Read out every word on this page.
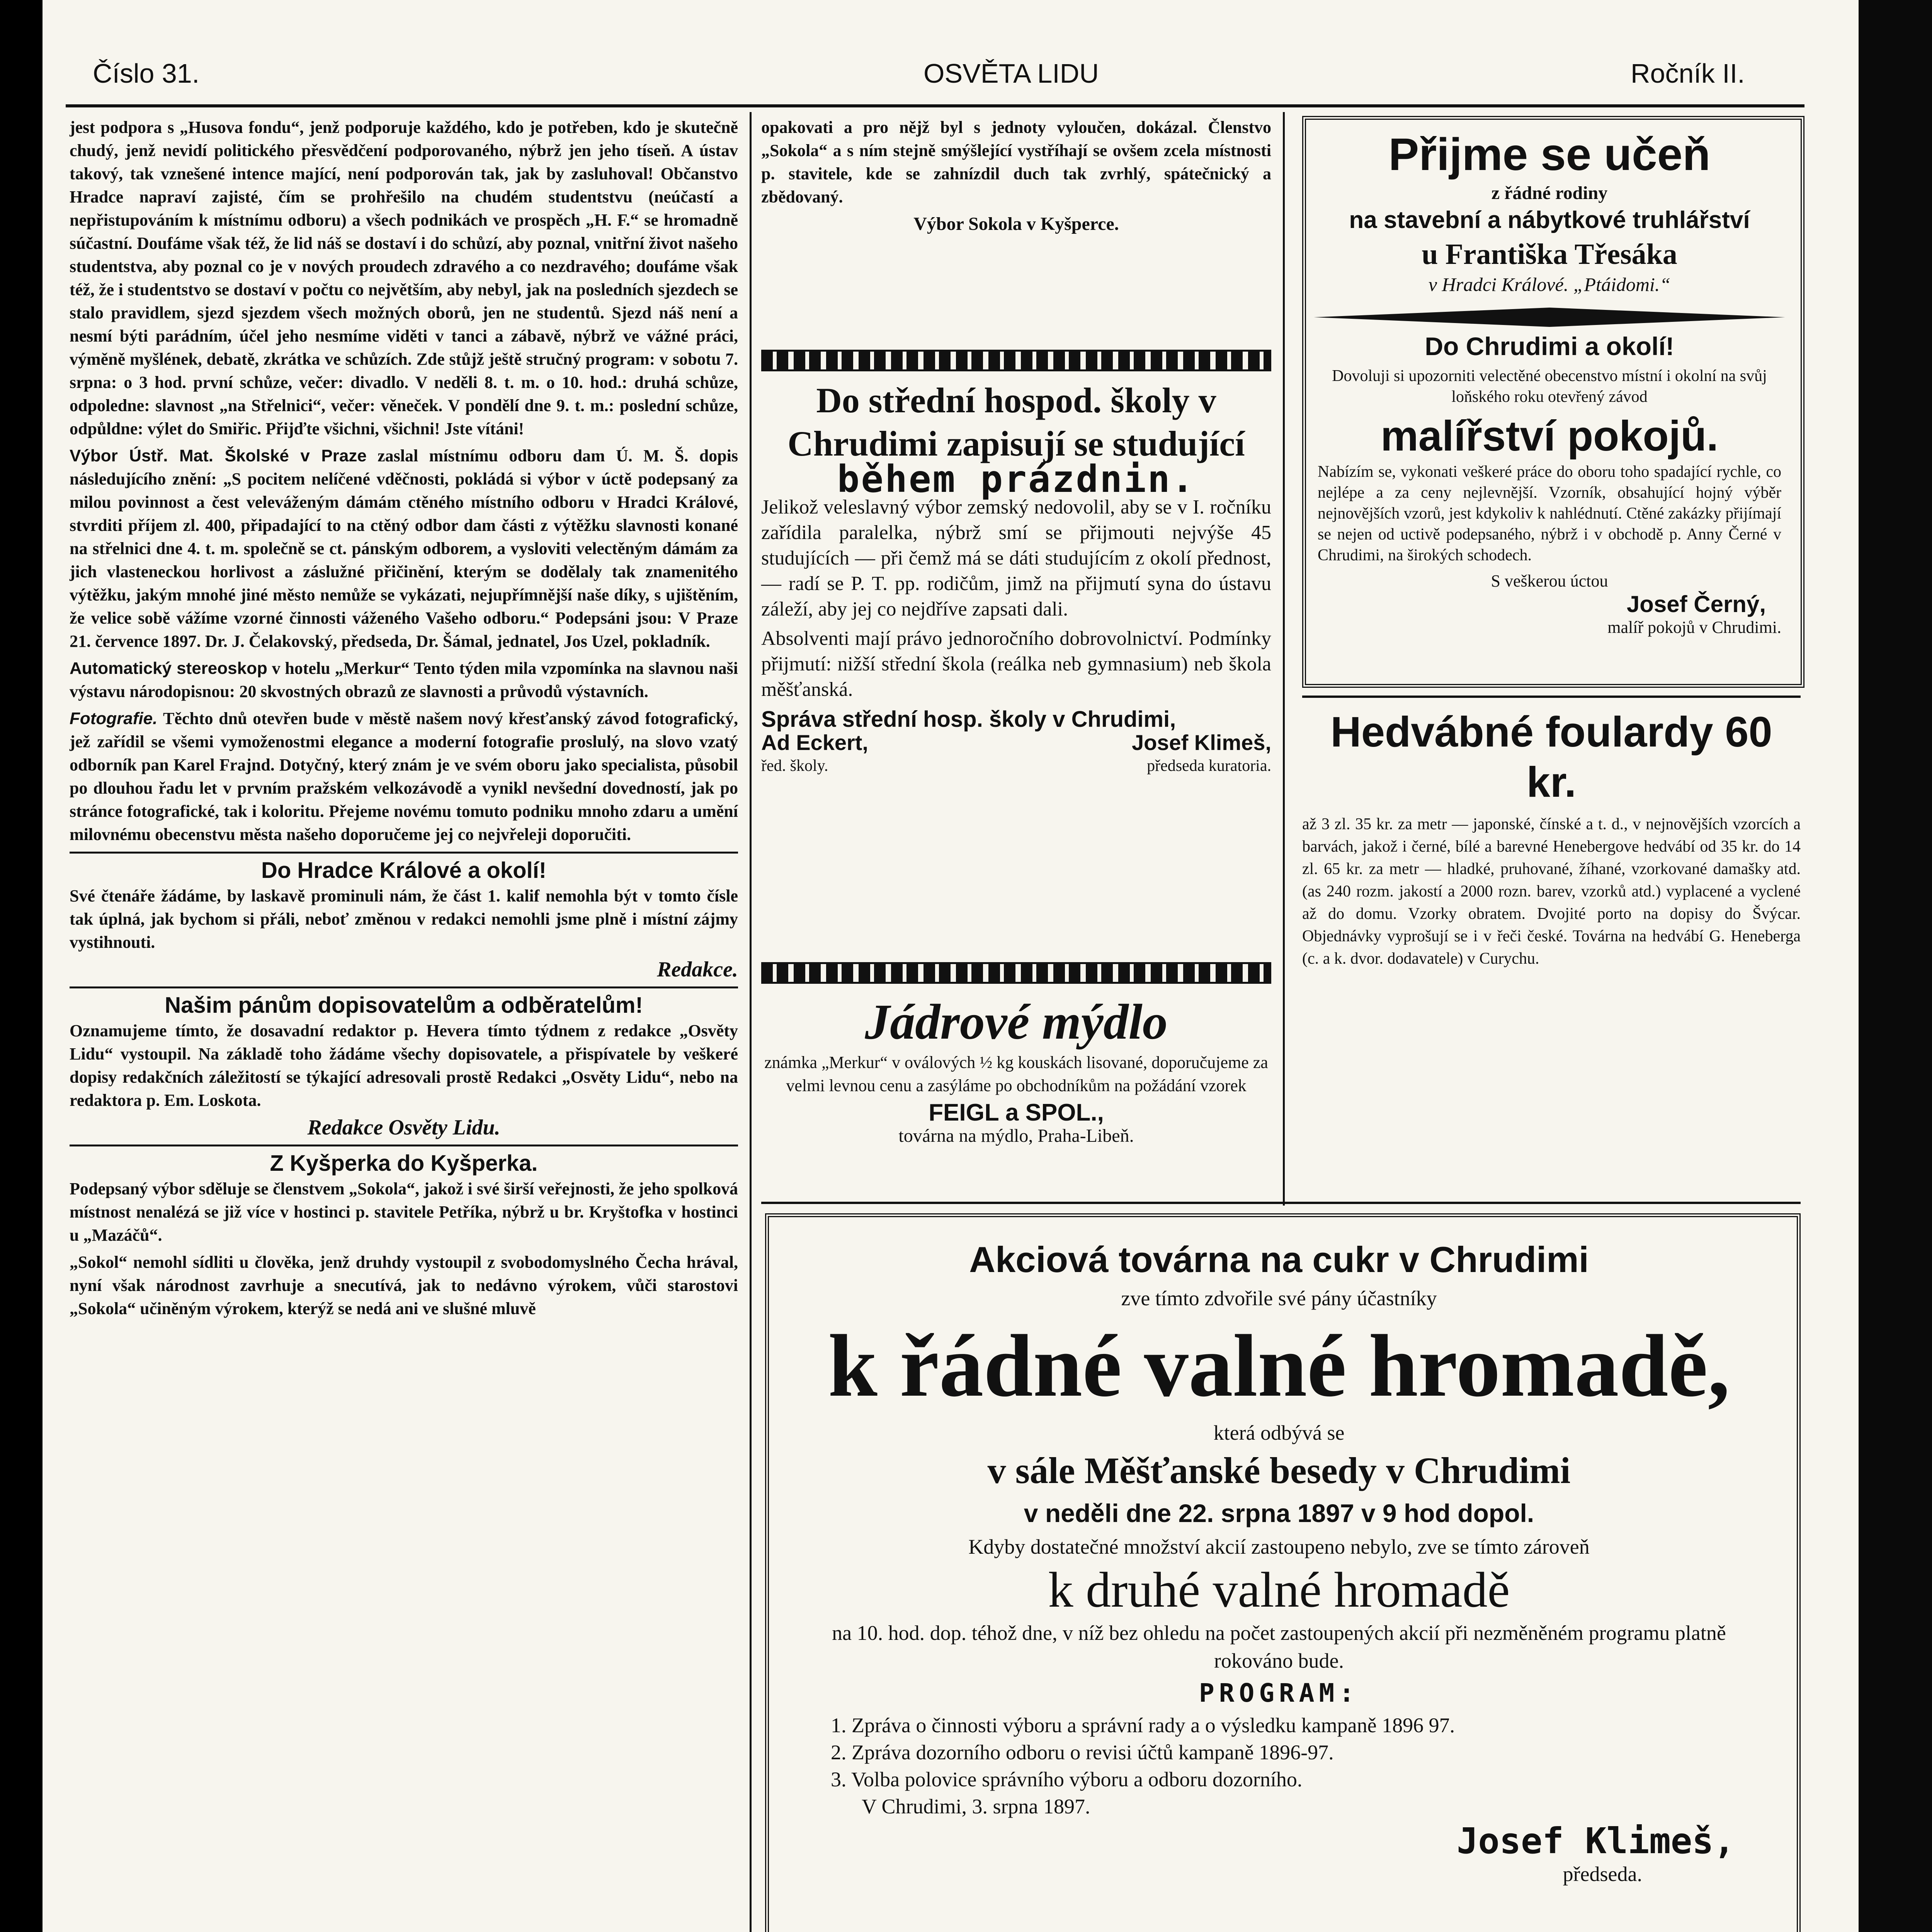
Číslo 31.	OSVĚTA LIDU	Ročník II.

jest podpora s „Husova fondu“, jenž podporuje každého, kdo je potřeben, kdo je skutečně chudý, jenž nevidí politického přesvědčení podporovaného, nýbrž jen jeho tíseň. A ústav takový, tak vznešené intence mající, není podporován tak, jak by zasluhoval! Občanstvo Hradce napraví zajisté, čím se prohřešilo na chudém studentstvu (neúčastí a nepřistupováním k místnímu odboru) a všech podnikách ve prospěch „H. F.“ se hromadně súčastní. Doufáme však též, že lid náš se dostaví i do schůzí, aby poznal, vnitřní život našeho studentstva, aby poznal co je v nových proudech zdravého a co nezdravého; doufáme však též, že i studentstvo se dostaví v počtu co největším, aby nebyl, jak na posledních sjezdech se stalo pravidlem, sjezd sjezdem všech možných oborů, jen ne studentů. Sjezd náš není a nesmí býti parádním, účel jeho nesmíme viděti v tanci a zábavě, nýbrž ve vážné práci, výměně myšlének, debatě, zkrátka ve schůzích. Zde stůjž ještě stručný program: v sobotu 7. srpna: o 3 hod. první schůze, večer: divadlo. V neděli 8. t. m. o 10. hod.: druhá schůze, odpoledne: slavnost „na Střelnici“, večer: věneček. V pondělí dne 9. t. m.: poslední schůze, odpůldne: výlet do Smiřic. Přijďte všichni, všichni! Jste vítáni!

Výbor Ústř. Mat. Školské v Praze zaslal místnímu odboru dam Ú. M. Š. dopis následujícího znění: „S pocitem nelíčené vděčnosti, pokládá si výbor v úctě podepsaný za milou povinnost a čest veleváženým dámám ctěného místního odboru v Hradci Králové, stvrditi příjem zl. 400, připadající to na ctěný odbor dam části z výtěžku slavnosti konané na střelnici dne 4. t. m. společně se ct. pánským odborem, a vysloviti velectěným dámám za jich vlasteneckou horlivost a záslužné přičinění, kterým se dodělaly tak znamenitého výtěžku, jakým mnohé jiné město nemůže se vykázati, nejupřímnější naše díky, s ujištěním, že velice sobě vážíme vzorné činnosti váženého Vašeho odboru.“ Podepsáni jsou: V Praze 21. července 1897. Dr. J. Čelakovský, předseda, Dr. Šámal, jednatel, Jos Uzel, pokladník.

Automatický stereoskop v hotelu „Merkur“ Tento týden mila vzpomínka na slavnou naši výstavu národopisnou: 20 skvostných obrazů ze slavnosti a průvodů výstavních.

Fotografie. Těchto dnů otevřen bude v městě našem nový křesťanský závod fotografický, jež zařídil se všemi vymoženostmi elegance a moderní fotografie proslulý, na slovo vzatý odborník pan Karel Frajnd. Dotyčný, který znám je ve svém oboru jako specialista, působil po dlouhou řadu let v prvním pražském velkozávodě a vynikl nevšední dovedností, jak po stránce fotografické, tak i koloritu. Přejeme novému tomuto podniku mnoho zdaru a umění milovnému obecenstvu města našeho doporučeme jej co nejvřeleji doporučiti.

Do Hradce Králové a okolí!

Své čtenáře žádáme, by laskavě prominuli nám, že část 1. kalif nemohla být v tomto čísle tak úplná, jak bychom si přáli, neboť změnou v redakci nemohli jsme plně i místní zájmy vystihnouti.

Redakce.
Našim pánům dopisovatelům a odběratelům!

Oznamujeme tímto, že dosavadní redaktor p. Hevera tímto týdnem z redakce „Osvěty Lidu“ vystoupil. Na základě toho žádáme všechy dopisovatele, a přispívatele by veškeré dopisy redakčních záležitostí se týkající adresovali prostě Redakci „Osvěty Lidu“, nebo na redaktora p. Em. Loskota.

Redakce Osvěty Lidu.
Z Kyšperka do Kyšperka.

Podepsaný výbor sděluje se členstvem „Sokola“, jakož i své širší veřejnosti, že jeho spolková místnost nenalézá se již více v hostinci p. stavitele Petříka, nýbrž u br. Kryštofka v hostinci u „Mazáčů“.

„Sokol“ nemohl sídliti u člověka, jenž druhdy vystoupil z svobodomyslného Čecha hrával, nyní však národnost zavrhuje a snecutívá, jak to nedávno výrokem, vůči starostovi „Sokola“ učiněným výrokem, kterýž se nedá ani ve slušné mluvě

opakovati a pro nějž byl s jednoty vyloučen, dokázal. Členstvo „Sokola“ a s ním stejně smýšlející vystříhají se ovšem zcela místnosti p. stavitele, kde se zahnízdil duch tak zvrhlý, spátečnický a zbědovaný.

Výbor Sokola v Kyšperce.
Do střední hospod. školy v Chrudimi zapisují se studující
během prázdnin.

Jelikož veleslavný výbor zemský nedovolil, aby se v I. ročníku zařídila paralelka, nýbrž smí se přijmouti nejvýše 45 studujících — při čemž má se dáti studujícím z okolí přednost, — radí se P. T. pp. rodičům, jimž na přijmutí syna do ústavu záleží, aby jej co nejdříve zapsati dali.

Absolventi mají právo jednoročního dobrovolnictví. Podmínky přijmutí: nižší střední škola (reálka neb gymnasium) neb škola měšťanská.

Správa střední hosp. školy v Chrudimi,
Ad Eckert,	Josef Klimeš,
řed. školy.	předseda kuratoria.
Jádrové mýdlo

známka „Merkur“ v oválových ½ kg kouskách lisované, doporučujeme za velmi levnou cenu a zasýláme po obchodníkům na požádání vzorek

FEIGL a SPOL.,
továrna na mýdlo, Praha-Libeň.
Přijme se učeň
z řádné rodiny
na stavební a nábytkové truhlářství
u Františka Třesáka
v Hradci Králové. „Ptáidomi.“
Do Chrudimi a okolí!

Dovoluji si upozorniti velectěné obecenstvo místní i okolní na svůj loňského roku otevřený závod

malířství pokojů.

Nabízím se, vykonati veškeré práce do oboru toho spadající rychle, co nejlépe a za ceny nejlevnější. Vzorník, obsahující hojný výběr nejnovějších vzorů, jest kdykoliv k nahlédnutí. Ctěné zakázky přijímají se nejen od uctivě podepsaného, nýbrž i v obchodě p. Anny Černé v Chrudimi, na širokých schodech.

S veškerou úctou
Josef Černý,
malíř pokojů v Chrudimi.
Hedvábné foulardy 60 kr.

až 3 zl. 35 kr. za metr — japonské, čínské a t. d., v nejnovějších vzorcích a barvách, jakož i černé, bílé a barevné Henebergove hedvábí od 35 kr. do 14 zl. 65 kr. za metr — hladké, pruhované, žíhané, vzorkované damašky atd. (as 240 rozm. jakostí a 2000 rozn. barev, vzorků atd.) vyplacené a vyclené až do domu. Vzorky obratem. Dvojité porto na dopisy do Švýcar. Objednávky vyprošují se i v řeči české. Továrna na hedvábí G. Heneberga (c. a k. dvor. dodavatele) v Curychu.

Akciová továrna na cukr v Chrudimi
zve tímto zdvořile své pány účastníky
k řádné valné hromadě,
která odbývá se
v sále Měšťanské besedy v Chrudimi
v neděli dne 22. srpna 1897 v 9 hod dopol.
Kdyby dostatečné množství akcií zastoupeno nebylo, zve se tímto zároveň
k druhé valné hromadě
na 10. hod. dop. téhož dne, v níž bez ohledu na počet zastoupených akcií při nezměněném programu platně rokováno bude.
PROGRAM:
1. Zpráva o činnosti výboru a správní rady a o výsledku kampaně 1896 97.
2. Zpráva dozorního odboru o revisi účtů kampaně 1896-97.
3. Volba polovice správního výboru a odboru dozorního.
V Chrudimi, 3. srpna 1897.
Josef Klimeš,
předseda.
